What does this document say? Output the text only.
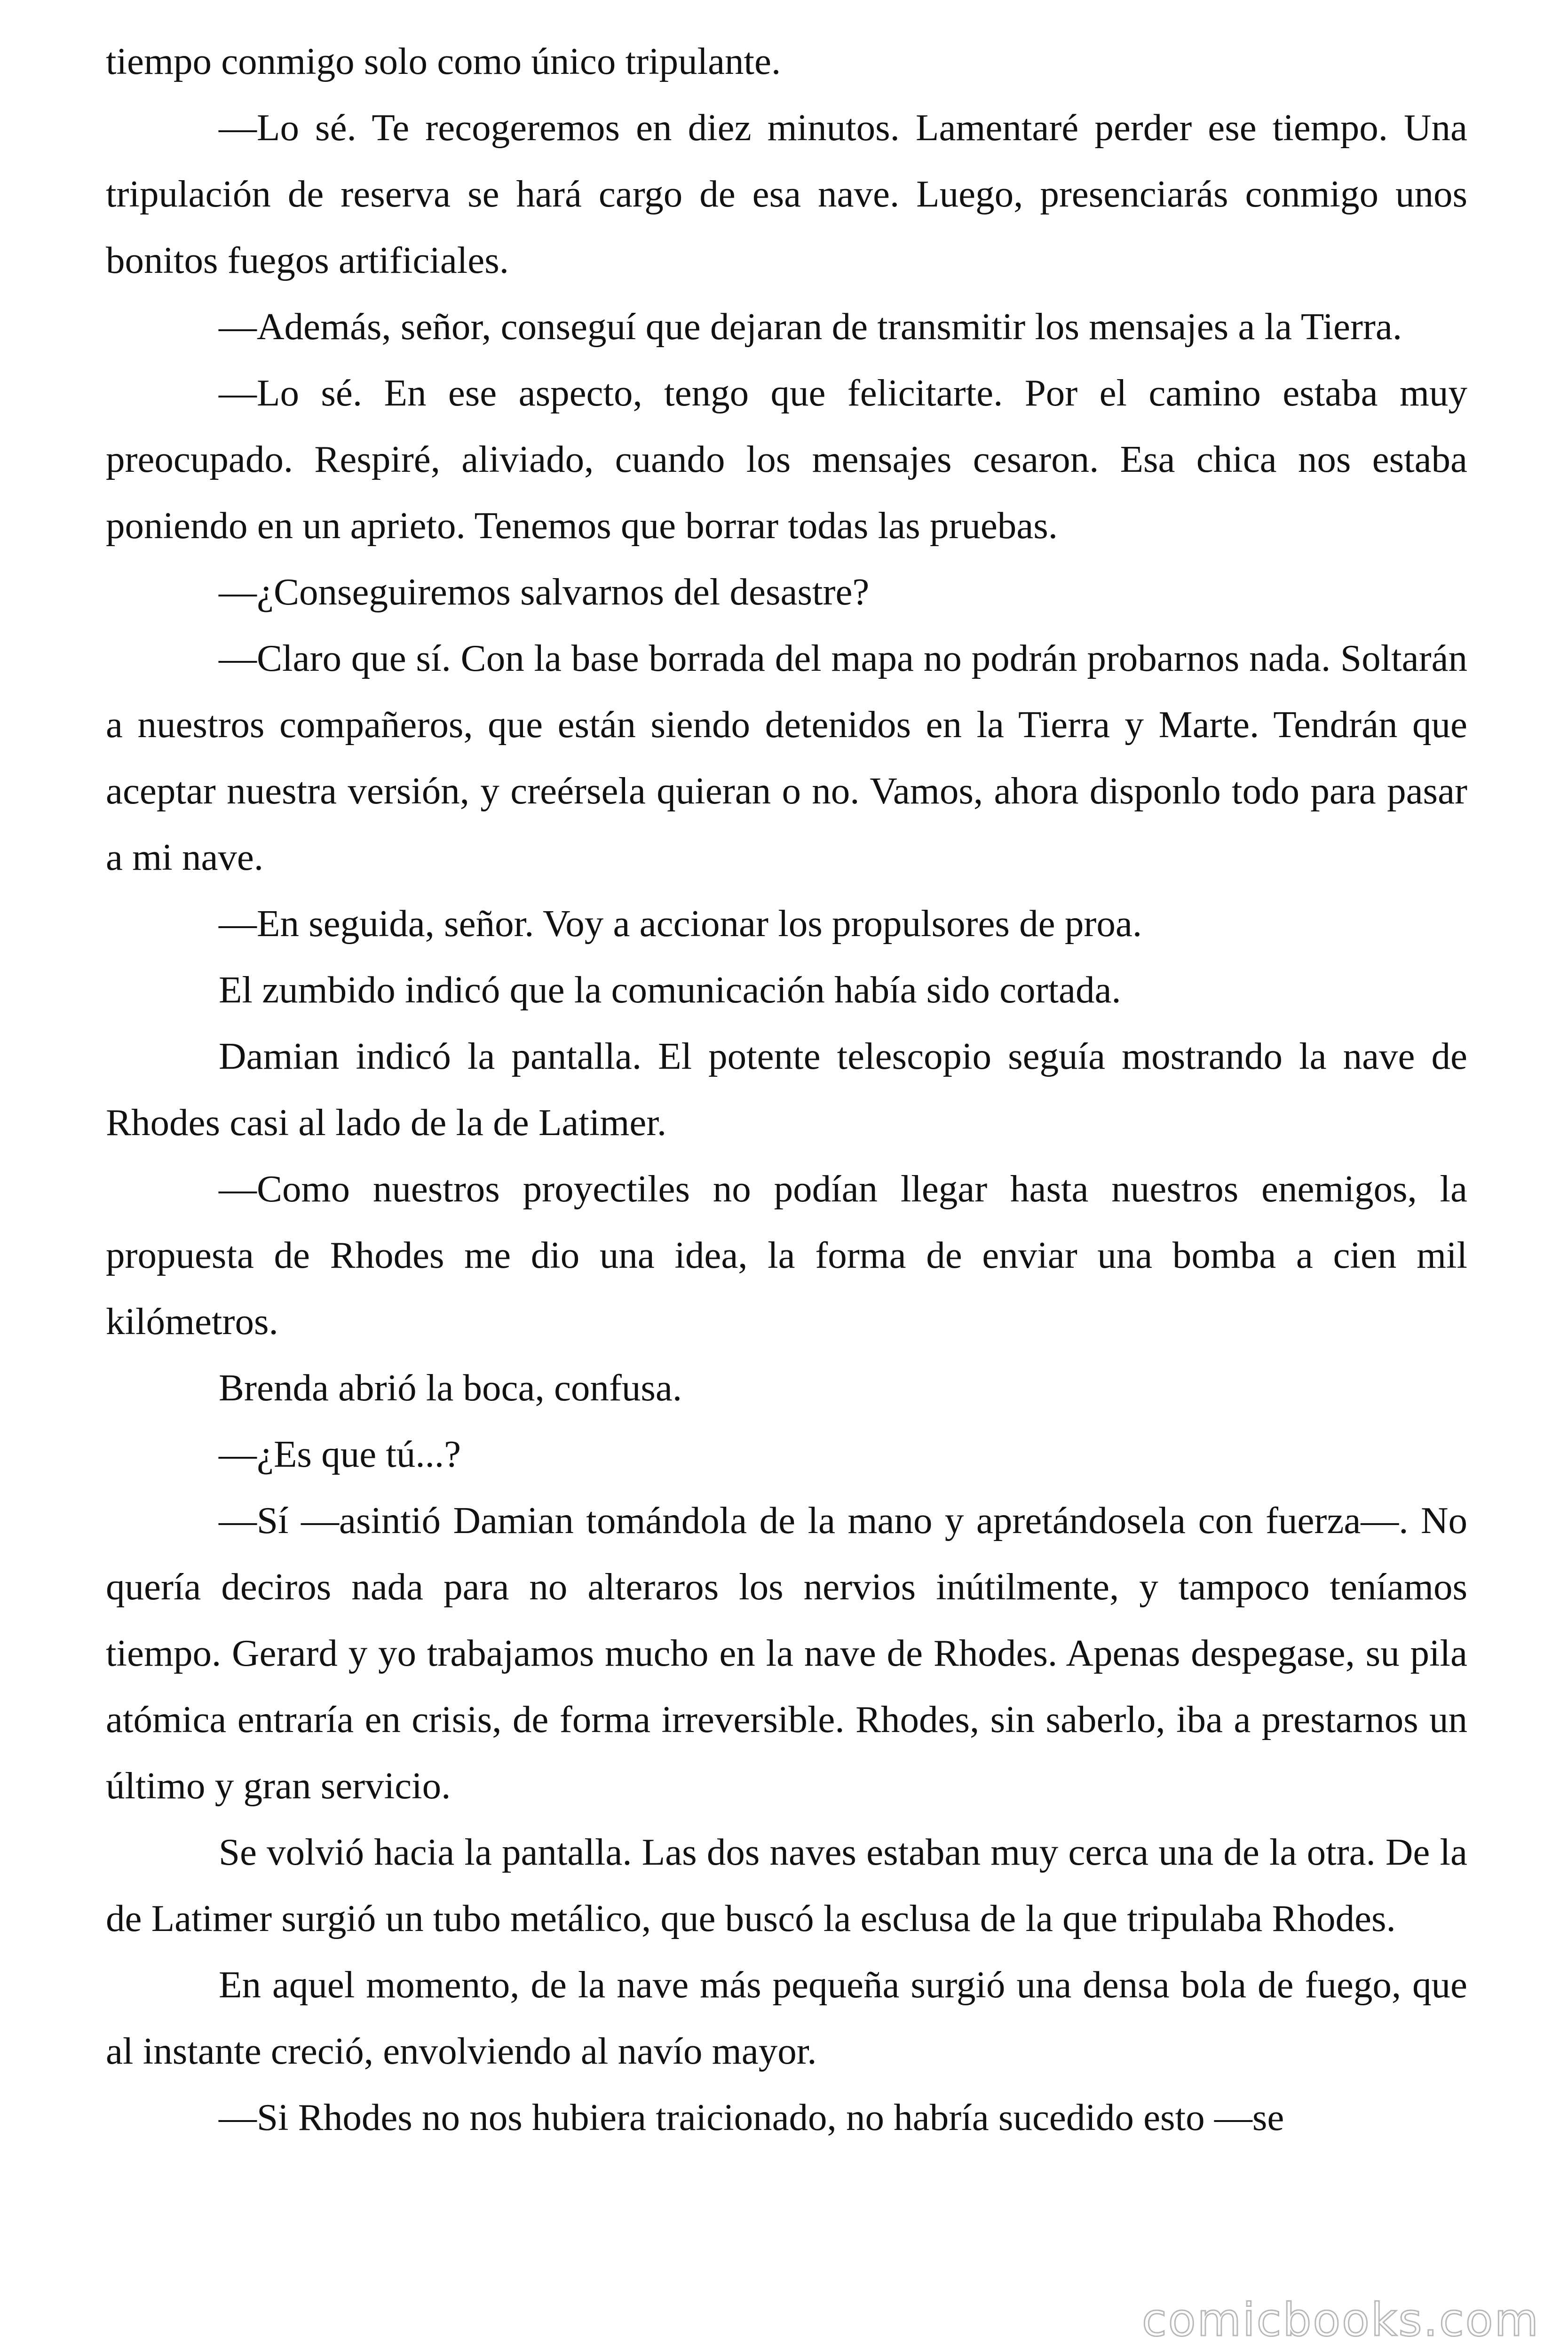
tiempo conmigo solo como único tripulante.

—Lo sé. Te recogeremos en diez minutos. Lamentaré perder ese tiempo. Una tripulación de reserva se hará cargo de esa nave. Luego, presenciarás conmigo unos bonitos fuegos artificiales.

—Además, señor, conseguí que dejaran de transmitir los mensajes a la Tierra.

—Lo sé. En ese aspecto, tengo que felicitarte. Por el camino estaba muy preocupado. Respiré, aliviado, cuando los mensajes cesaron. Esa chica nos estaba poniendo en un aprieto. Tenemos que borrar todas las pruebas.

—¿Conseguiremos salvarnos del desastre?

—Claro que sí. Con la base borrada del mapa no podrán probarnos nada. Soltarán a nuestros compañeros, que están siendo detenidos en la Tierra y Marte. Tendrán que aceptar nuestra versión, y creérsela quieran o no. Vamos, ahora disponlo todo para pasar a mi nave.

—En seguida, señor. Voy a accionar los propulsores de proa.

El zumbido indicó que la comunicación había sido cortada.

Damian indicó la pantalla. El potente telescopio seguía mostrando la nave de Rhodes casi al lado de la de Latimer.

—Como nuestros proyectiles no podían llegar hasta nuestros enemigos, la propuesta de Rhodes me dio una idea, la forma de enviar una bomba a cien mil kilómetros.

Brenda abrió la boca, confusa.

—¿Es que tú...?

—Sí —asintió Damian tomándola de la mano y apretándosela con fuerza—. No quería deciros nada para no alteraros los nervios inútilmente, y tampoco teníamos tiempo. Gerard y yo trabajamos mucho en la nave de Rhodes. Apenas despegase, su pila atómica entraría en crisis, de forma irreversible. Rhodes, sin saberlo, iba a prestarnos un último y gran servicio.

Se volvió hacia la pantalla. Las dos naves estaban muy cerca una de la otra. De la de Latimer surgió un tubo metálico, que buscó la esclusa de la que tripulaba Rhodes.

En aquel momento, de la nave más pequeña surgió una densa bola de fuego, que al instante creció, envolviendo al navío mayor.

—Si Rhodes no nos hubiera traicionado, no habría sucedido esto —se

comicbooks.com
